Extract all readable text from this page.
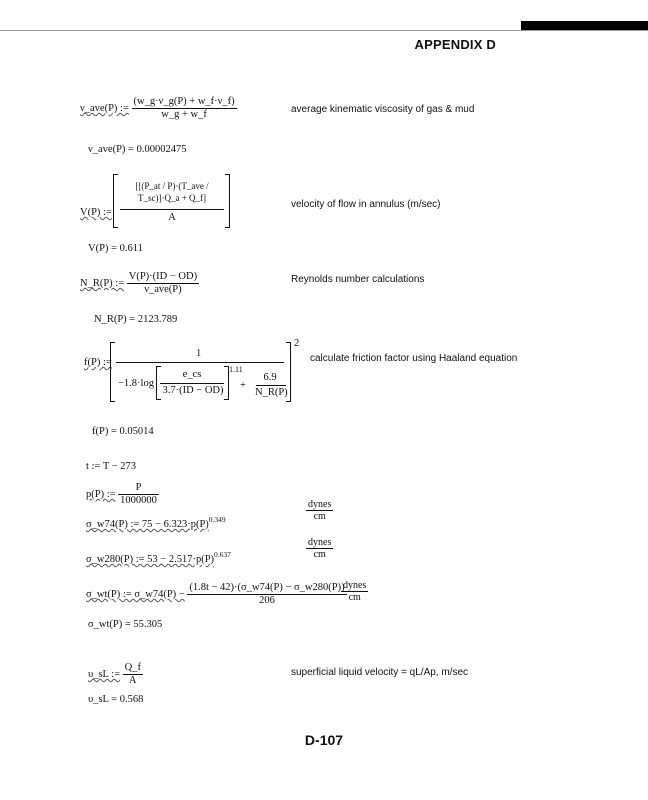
APPENDIX D
ν_ave(P) := $\frac{(w\_g\cdot\nu\_g(P) + w\_f\cdot\nu\_f)}{w\_g + w\_f}$	average kinematic viscosity of gas & mud
ν_ave(P) = 0.00002475
V(P) :=
[[(P_at / P)·(T_ave / T_sc)]·Q_a + Q_f]
A
velocity of flow in annulus (m/sec)
V(P) = 0.611
N_R(P) := $\frac{V(P)\cdot(ID - OD)}{\text{ν\_ave(P)}}$	Reynolds number calculations
N_R(P) = 2123.789
f(P) :=
2
1
−1.8·log
e_cs
3.7·(ID − OD)
1.11
+
6.9
N_R(P)
calculate friction factor using Haaland equation
f(P) = 0.05014
t := T − 273
p(P) := $\frac{P}{1000000}$
σ_w74(P) := $75 - 6.323\cdot p(P)^{0.349}$
dynes
cm
σ_w280(P) := $53 - 2.517\cdot p(P)^{0.637}$
dynes
cm
σ_wt(P) := σ_w74(P) − $\frac{(1.8t - 42)\cdot(\sigma\_w74(P) - \sigma\_w280(P))}{206}$
dynes
cm
σ_wt(P) = 55.305
υ_sL := $\frac{Q\_f}{A}$	superficial liquid velocity = qL/Ap, m/sec
υ_sL = 0.568
D-107
